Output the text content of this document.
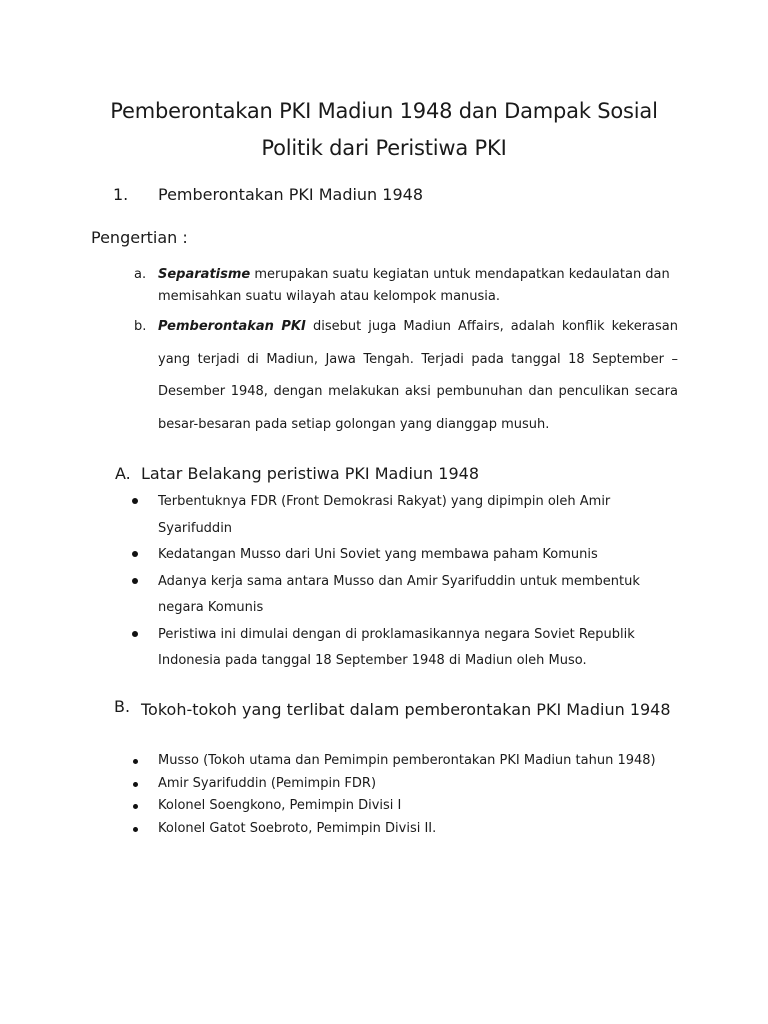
Pemberontakan PKI Madiun 1948 dan Dampak Sosial
Politik dari Peristiwa PKI
1. Pemberontakan PKI Madiun 1948
Pengertian :
a. Separatisme merupakan suatu kegiatan untuk mendapatkan kedaulatan dan memisahkan suatu wilayah atau kelompok manusia.

b. Pemberontakan PKI disebut juga Madiun Affairs, adalah konflik kekerasan yang terjadi di Madiun, Jawa Tengah. Terjadi pada tanggal 18 September – Desember 1948, dengan melakukan aksi pembunuhan dan penculikan secara besar-besaran pada setiap golongan yang dianggap musuh.

A. Latar Belakang peristiwa PKI Madiun 1948
Terbentuknya FDR (Front Demokrasi Rakyat) yang dipimpin oleh Amir Syarifuddin
Kedatangan Musso dari Uni Soviet yang membawa paham Komunis
Adanya kerja sama antara Musso dan Amir Syarifuddin untuk membentuk negara Komunis
Peristiwa ini dimulai dengan di proklamasikannya negara Soviet Republik Indonesia pada tanggal 18 September 1948 di Madiun oleh Muso.
B. Tokoh-tokoh yang terlibat dalam pemberontakan PKI Madiun 1948
Musso (Tokoh utama dan Pemimpin pemberontakan PKI Madiun tahun 1948)
Amir Syarifuddin (Pemimpin FDR)
Kolonel Soengkono, Pemimpin Divisi I
Kolonel Gatot Soebroto, Pemimpin Divisi II.
